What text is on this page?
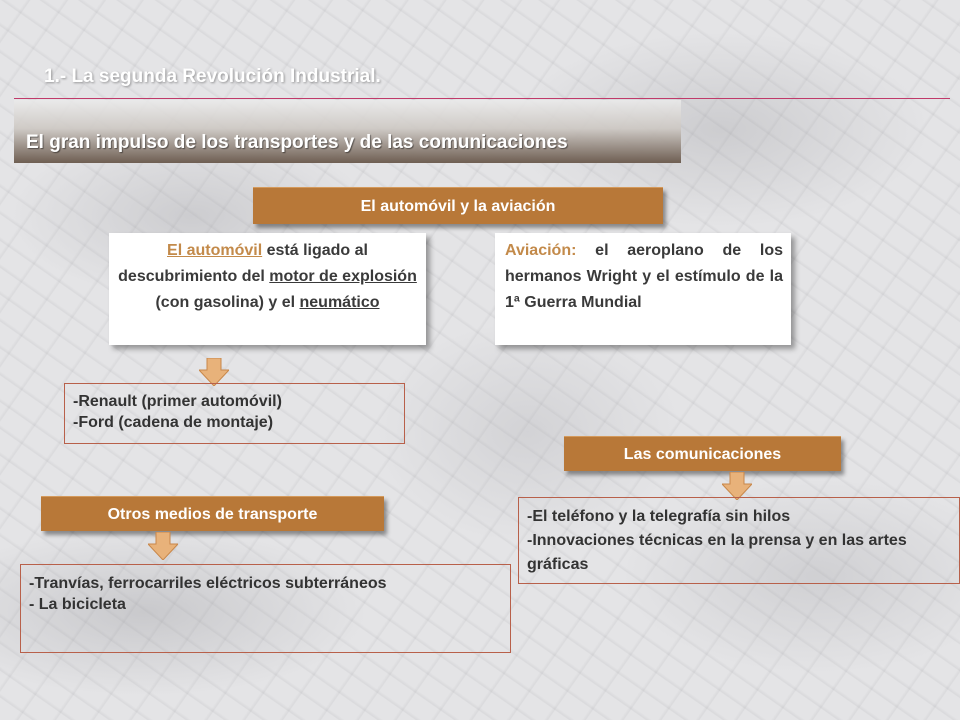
1.- La segunda Revolución Industrial.
El gran impulso de los transportes y de las comunicaciones
El automóvil y la aviación
El automóvil está ligado al descubrimiento del motor de explosión (con gasolina) y el neumático
Aviación: el aeroplano de los hermanos Wright y el estímulo de la 1ª Guerra Mundial
-Renault (primer automóvil)
-Ford (cadena de montaje)
Las comunicaciones
-El teléfono y la telegrafía sin hilos
-Innovaciones técnicas en la prensa y en las artes gráficas
Otros medios de transporte
-Tranvías, ferrocarriles eléctricos subterráneos
- La bicicleta
